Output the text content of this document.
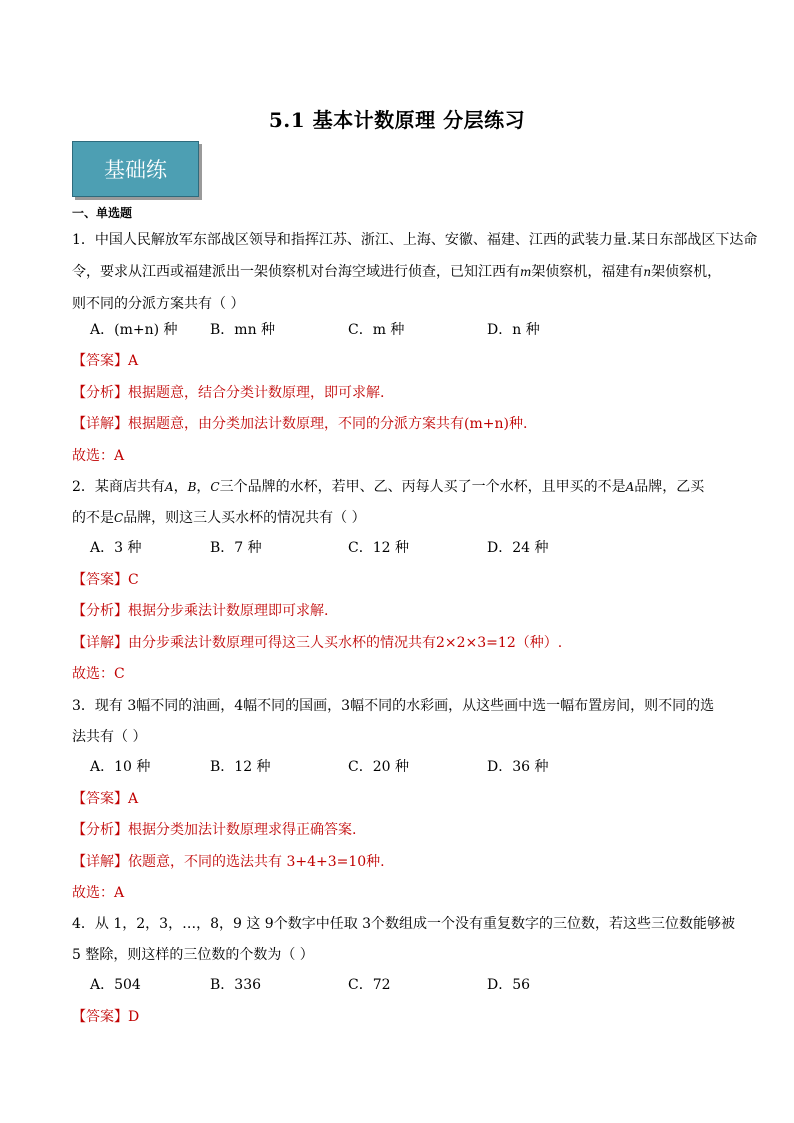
5.1 基本计数原理 分层练习
基础练
一、单选题
1．中国人民解放军东部战区领导和指挥江苏、浙江、上海、安徽、福建、江西的武装力量.某日东部战区下达命
令，要求从江西或福建派出一架侦察机对台海空域进行侦查，已知江西有m架侦察机，福建有n架侦察机，
则不同的分派方案共有（ ）
A．(m+n) 种 B．mn 种	C．m 种	D．n 种
【答案】A
【分析】根据题意，结合分类计数原理，即可求解.
【详解】根据题意，由分类加法计数原理，不同的分派方案共有(m+n)种.
故选：A
2．某商店共有A，B，C三个品牌的水杯，若甲、乙、丙每人买了一个水杯，且甲买的不是A品牌，乙买
的不是C品牌，则这三人买水杯的情况共有（ ）
A．3 种	B．7 种	C．12 种	D．24 种
【答案】C
【分析】根据分步乘法计数原理即可求解.
【详解】由分步乘法计数原理可得这三人买水杯的情况共有2×2×3=12（种）.
故选：C
3．现有 3幅不同的油画，4幅不同的国画，3幅不同的水彩画，从这些画中选一幅布置房间，则不同的选
法共有（ ）
A．10 种	B．12 种	C．20 种	D．36 种
【答案】A
【分析】根据分类加法计数原理求得正确答案.
【详解】依题意，不同的选法共有 3+4+3=10种.
故选：A
4．从 1，2，3，…，8，9 这 9个数字中任取 3个数组成一个没有重复数字的三位数，若这些三位数能够被
5 整除，则这样的三位数的个数为（ ）
A．504	B．336	C．72	D．56
【答案】D
